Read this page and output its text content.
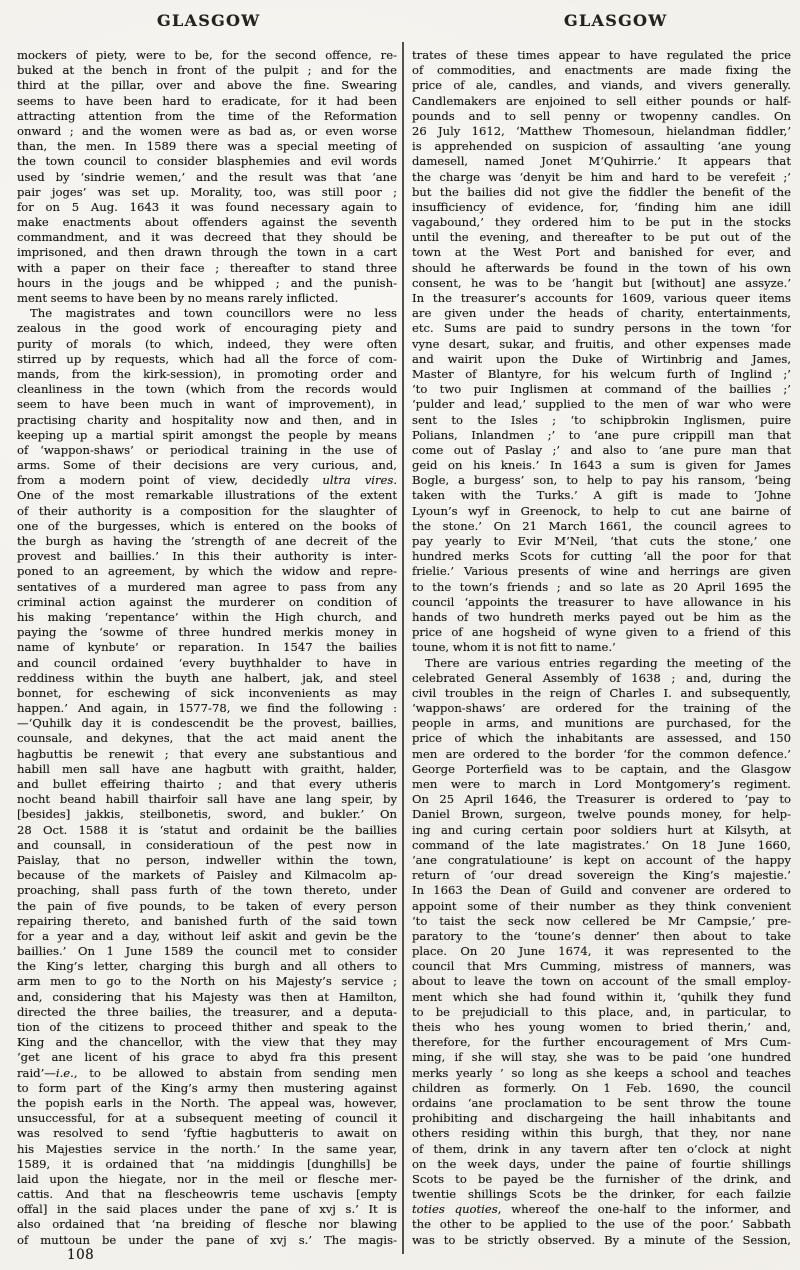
GLASGOW	GLASGOW
mockers of piety, were to be, for the second offence, re-
buked at the bench in front of the pulpit ; and for the
third at the pillar, over and above the fine. Swearing
seems to have been hard to eradicate, for it had been
attracting attention from the time of the Reformation
onward ; and the women were as bad as, or even worse
than, the men. In 1589 there was a special meeting of
the town council to consider blasphemies and evil words
used by ‘sindrie wemen,’ and the result was that ‘ane
pair joges’ was set up. Morality, too, was still poor ;
for on 5 Aug. 1643 it was found necessary again to
make enactments about offenders against the seventh
commandment, and it was decreed that they should be
imprisoned, and then drawn through the town in a cart
with a paper on their face ; thereafter to stand three
hours in the jougs and be whipped ; and the punish-
ment seems to have been by no means rarely inflicted.
The magistrates and town councillors were no less
zealous in the good work of encouraging piety and
purity of morals (to which, indeed, they were often
stirred up by requests, which had all the force of com-
mands, from the kirk-session), in promoting order and
cleanliness in the town (which from the records would
seem to have been much in want of improvement), in
practising charity and hospitality now and then, and in
keeping up a martial spirit amongst the people by means
of ‘wappon-shaws’ or periodical training in the use of
arms. Some of their decisions are very curious, and,
from a modern point of view, decidedly ultra vires.
One of the most remarkable illustrations of the extent
of their authority is a composition for the slaughter of
one of the burgesses, which is entered on the books of
the burgh as having the ‘strength of ane decreit of the
provest and baillies.’ In this their authority is inter-
poned to an agreement, by which the widow and repre-
sentatives of a murdered man agree to pass from any
criminal action against the murderer on condition of
his making ‘repentance’ within the High church, and
paying the ‘sowme of three hundred merkis money in
name of kynbute’ or reparation. In 1547 the bailies
and council ordained ‘every buythhalder to have in
reddiness within the buyth ane halbert, jak, and steel
bonnet, for eschewing of sick inconvenients as may
happen.’ And again, in 1577-78, we find the following :
—‘Quhilk day it is condescendit be the provest, baillies,
counsale, and dekynes, that the act maid anent the
hagbuttis be renewit ; that every ane substantious and
habill men sall have ane hagbutt with graitht, halder,
and bullet effeiring thairto ; and that every utheris
nocht beand habill thairfoir sall have ane lang speir, by
[besides] jakkis, steilbonetis, sword, and bukler.’ On
28 Oct. 1588 it is ‘statut and ordainit be the baillies
and counsall, in consideratioun of the pest now in
Paislay, that no person, indweller within the town,
because of the markets of Paisley and Kilmacolm ap-
proaching, shall pass furth of the town thereto, under
the pain of five pounds, to be taken of every person
repairing thereto, and banished furth of the said town
for a year and a day, without leif askit and gevin be the
baillies.’ On 1 June 1589 the council met to consider
the King’s letter, charging this burgh and all others to
arm men to go to the North on his Majesty’s service ;
and, considering that his Majesty was then at Hamilton,
directed the three bailies, the treasurer, and a deputa-
tion of the citizens to proceed thither and speak to the
King and the chancellor, with the view that they may
‘get ane licent of his grace to abyd fra this present
raid’—i.e., to be allowed to abstain from sending men
to form part of the King’s army then mustering against
the popish earls in the North. The appeal was, however,
unsuccessful, for at a subsequent meeting of council it
was resolved to send ‘fyftie hagbutteris to await on
his Majesties service in the north.’ In the same year,
1589, it is ordained that ‘na middingis [dunghills] be
laid upon the hiegate, nor in the meil or flesche mer-
cattis. And that na flescheowris teme uschavis [empty
offal] in the said places under the pane of xvj s.’ It is
also ordained that ‘na breiding of flesche nor blawing
of muttoun be under the pane of xvj s.’ The magis-
trates of these times appear to have regulated the price
of commodities, and enactments are made fixing the
price of ale, candles, and viands, and vivers generally.
Candlemakers are enjoined to sell either pounds or half-
pounds and to sell penny or twopenny candles. On
26 July 1612, ‘Matthew Thomesoun, hielandman fiddler,’
is apprehended on suspicion of assaulting ‘ane young
damesell, named Jonet M‘Quhirrie.’ It appears that
the charge was ‘denyit be him and hard to be verefeit ;’
but the bailies did not give the fiddler the benefit of the
insufficiency of evidence, for, ‘finding him ane idill
vagabound,’ they ordered him to be put in the stocks
until the evening, and thereafter to be put out of the
town at the West Port and banished for ever, and
should he afterwards be found in the town of his own
consent, he was to be ‘hangit but [without] ane assyze.’
In the treasurer’s accounts for 1609, various queer items
are given under the heads of charity, entertainments,
etc. Sums are paid to sundry persons in the town ‘for
vyne desart, sukar, and fruitis, and other expenses made
and wairit upon the Duke of Wirtinbrig and James,
Master of Blantyre, for his welcum furth of Inglind ;’
‘to two puir Inglismen at command of the baillies ;’
‘pulder and lead,’ supplied to the men of war who were
sent to the Isles ; ‘to schipbrokin Inglismen, puire
Polians, Inlandmen ;’ to ‘ane pure crippill man that
come out of Paslay ;’ and also to ‘ane pure man that
geid on his kneis.’ In 1643 a sum is given for James
Bogle, a burgess’ son, to help to pay his ransom, ‘being
taken with the Turks.’ A gift is made to ‘Johne
Lyoun’s wyf in Greenock, to help to cut ane bairne of
the stone.’ On 21 March 1661, the council agrees to
pay yearly to Evir M‘Neil, ‘that cuts the stone,’ one
hundred merks Scots for cutting ‘all the poor for that
frielie.’ Various presents of wine and herrings are given
to the town’s friends ; and so late as 20 April 1695 the
council ‘appoints the treasurer to have allowance in his
hands of two hundreth merks payed out be him as the
price of ane hogsheid of wyne given to a friend of this
toune, whom it is not fitt to name.’
There are various entries regarding the meeting of the
celebrated General Assembly of 1638 ; and, during the
civil troubles in the reign of Charles I. and subsequently,
‘wappon-shaws’ are ordered for the training of the
people in arms, and munitions are purchased, for the
price of which the inhabitants are assessed, and 150
men are ordered to the border ‘for the common defence.’
George Porterfield was to be captain, and the Glasgow
men were to march in Lord Montgomery’s regiment.
On 25 April 1646, the Treasurer is ordered to ‘pay to
Daniel Brown, surgeon, twelve pounds money, for help-
ing and curing certain poor soldiers hurt at Kilsyth, at
command of the late magistrates.’ On 18 June 1660,
‘ane congratulatioune’ is kept on account of the happy
return of ‘our dread sovereign the King’s majestie.’
In 1663 the Dean of Guild and convener are ordered to
appoint some of their number as they think convenient
‘to taist the seck now cellered be Mr Campsie,’ pre-
paratory to the ‘toune’s denner’ then about to take
place. On 20 June 1674, it was represented to the
council that Mrs Cumming, mistress of manners, was
about to leave the town on account of the small employ-
ment which she had found within it, ‘quhilk they fund
to be prejudiciall to this place, and, in particular, to
theis who hes young women to bried therin,’ and,
therefore, for the further encouragement of Mrs Cum-
ming, if she will stay, she was to be paid ‘one hundred
merks yearly ’ so long as she keeps a school and teaches
children as formerly. On 1 Feb. 1690, the council
ordains ‘ane proclamation to be sent throw the toune
prohibiting and dischargeing the haill inhabitants and
others residing within this burgh, that they, nor nane
of them, drink in any tavern after ten o’clock at night
on the week days, under the paine of fourtie shillings
Scots to be payed be the furnisher of the drink, and
twentie shillings Scots be the drinker, for each failzie
toties quoties, whereof the one-half to the informer, and
the other to be applied to the use of the poor.’ Sabbath
was to be strictly observed. By a minute of the Session,
108
